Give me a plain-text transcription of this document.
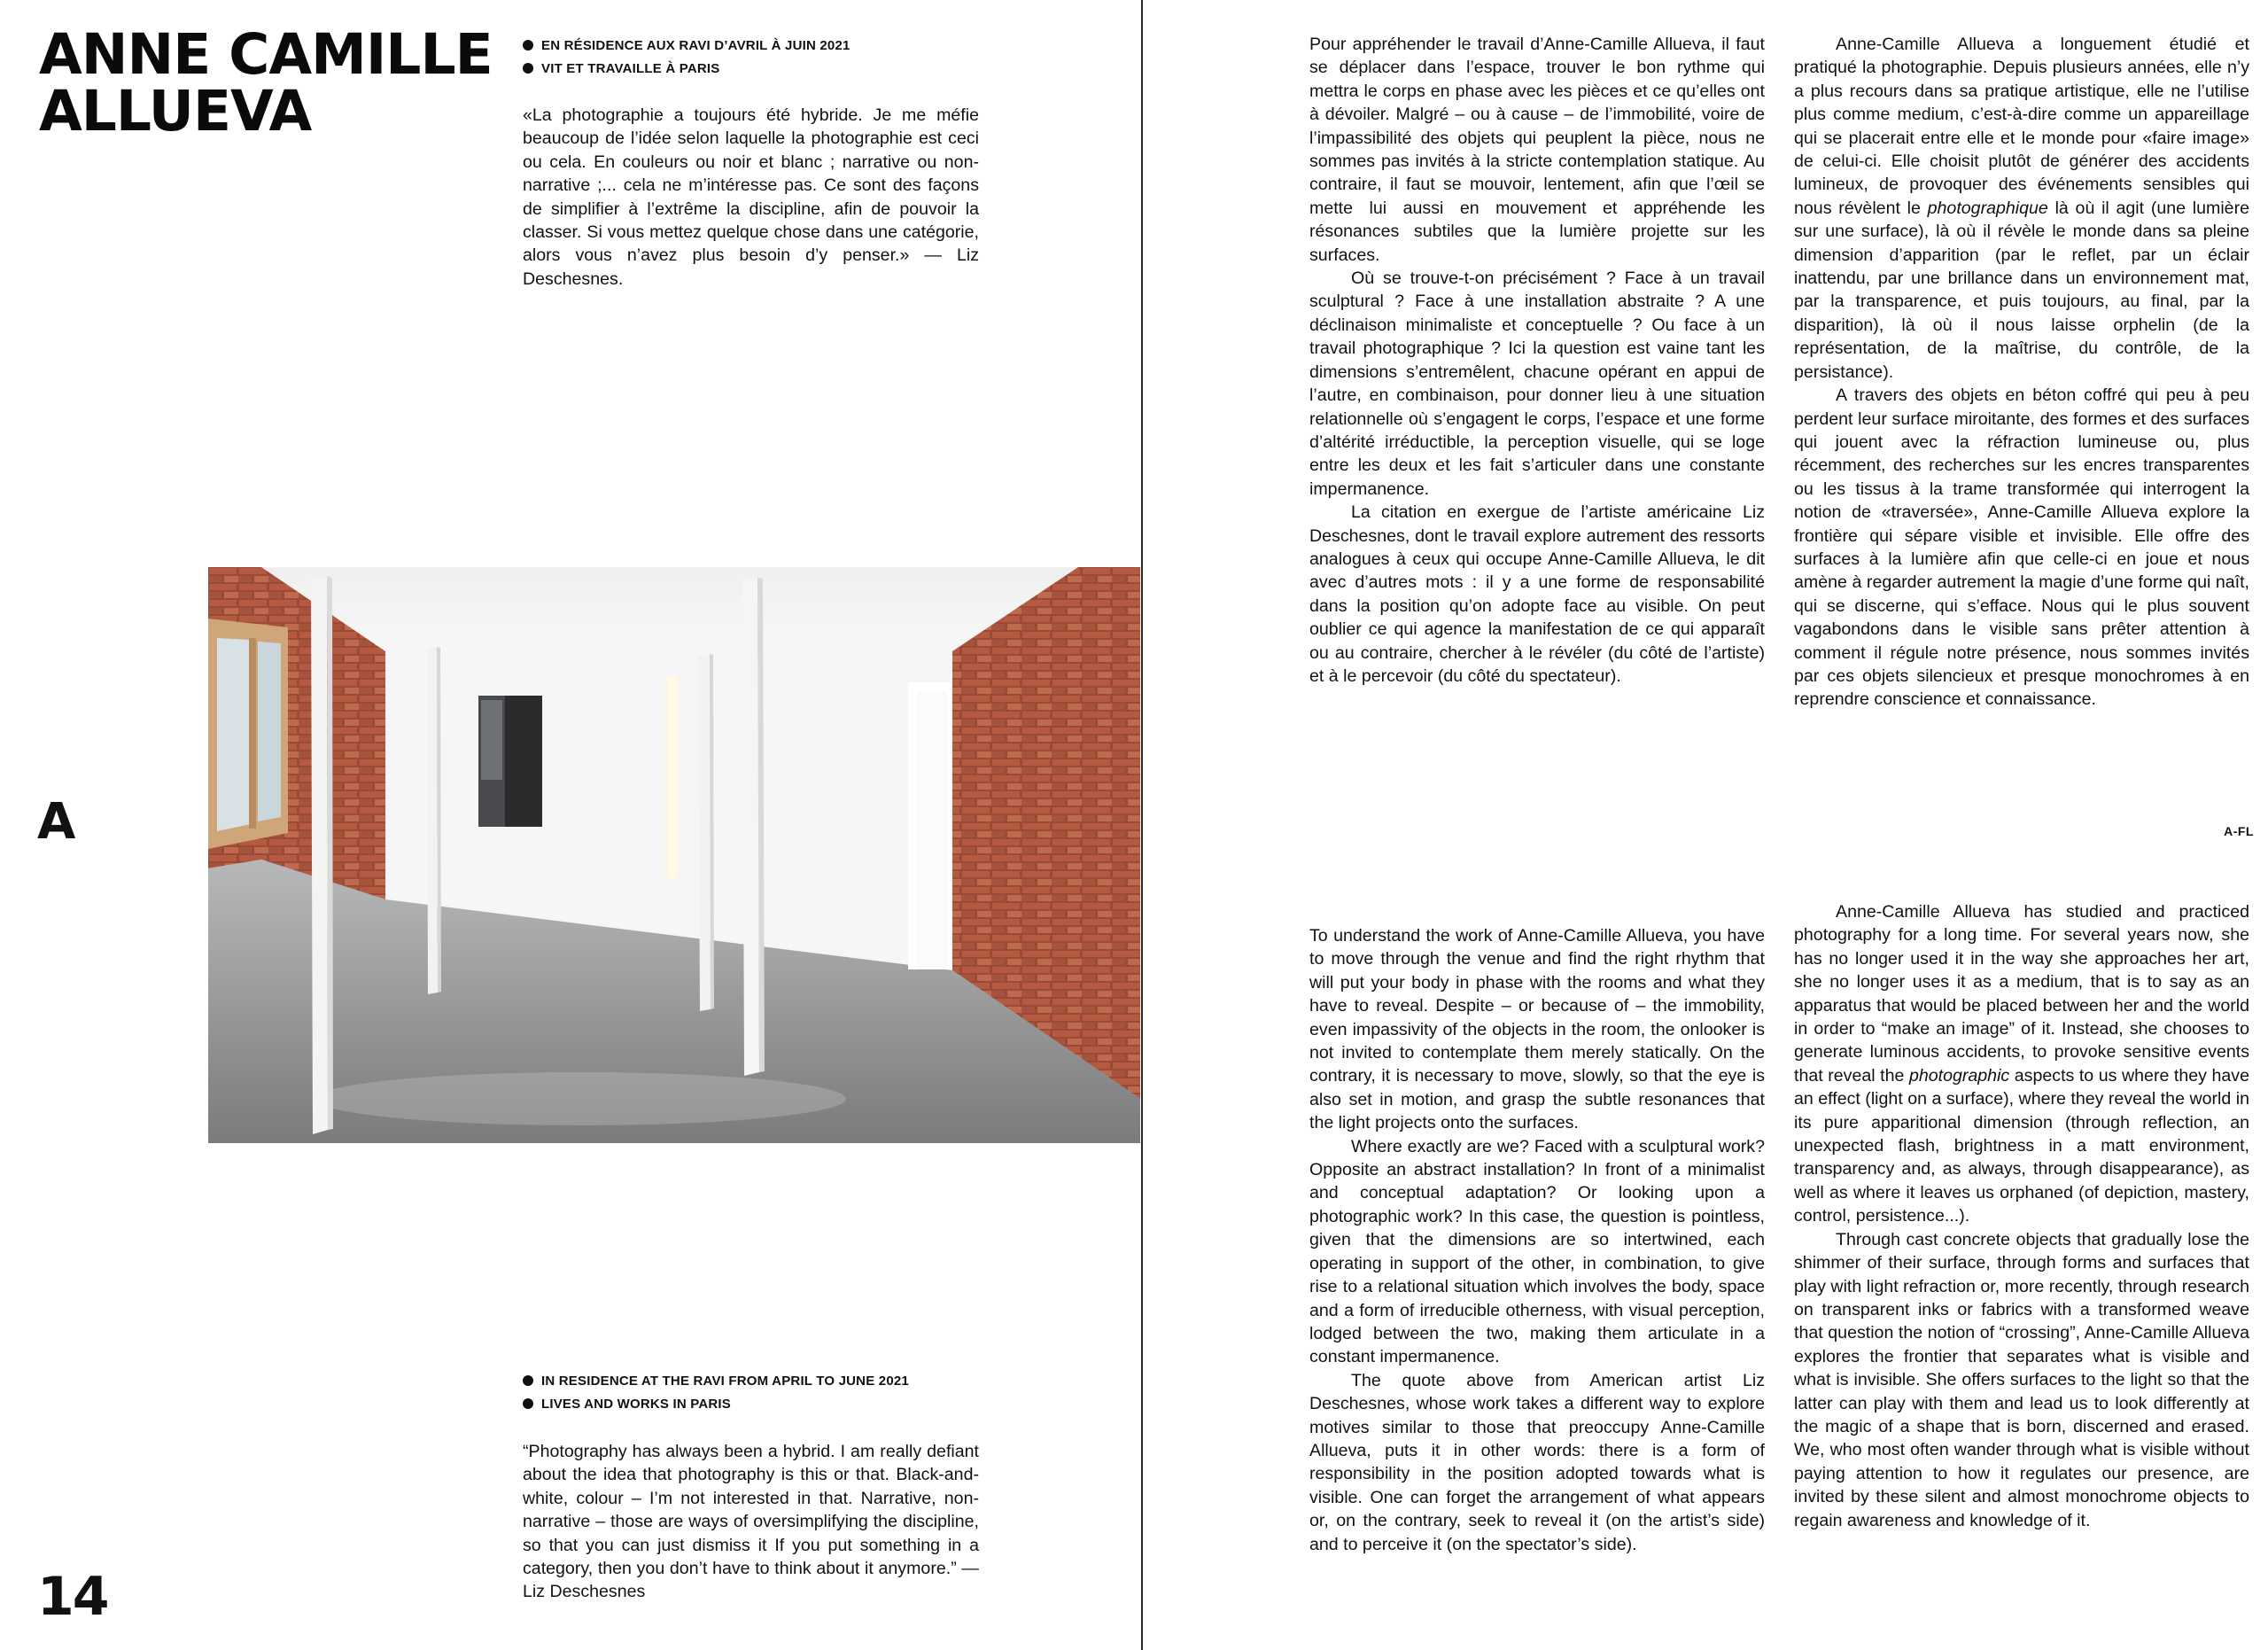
ANNE CAMILLE ALLUEVA
EN RÉSIDENCE AUX RAVI D’AVRIL À JUIN 2021
VIT ET TRAVAILLE À PARIS

«La photographie a toujours été hybride. Je me méfie beaucoup de l’idée selon laquelle la photographie est ceci ou cela. En couleurs ou noir et blanc ; narrative ou non-narrative ;... cela ne m’intéresse pas. Ce sont des façons de simplifier à l’extrême la discipline, afin de pouvoir la classer. Si vous mettez quelque chose dans une catégorie, alors vous n’avez plus besoin d’y penser.» — Liz Deschesnes.

A

IN RESIDENCE AT THE RAVI FROM APRIL TO JUNE 2021
LIVES AND WORKS IN PARIS

“Photography has always been a hybrid. I am really defiant about the idea that photography is this or that. Black-and-white, colour – I’m not interested in that. Narrative, non-narrative – those are ways of oversimplifying the discipline, so that you can just dismiss it If you put something in a category, then you don’t have to think about it anymore.” — Liz Deschesnes

14

Pour appréhender le travail d’Anne-Camille Allueva, il faut se déplacer dans l’espace, trouver le bon rythme qui mettra le corps en phase avec les pièces et ce qu’elles ont à dévoiler. Malgré – ou à cause – de l’immobilité, voire de l’impassibilité des objets qui peuplent la pièce, nous ne sommes pas invités à la stricte contemplation statique. Au contraire, il faut se mouvoir, lentement, afin que l’œil se mette lui aussi en mouvement et appréhende les résonances subtiles que la lumière projette sur les surfaces.

Où se trouve-t-on précisément ? Face à un travail sculptural ? Face à une installation abstraite ? A une déclinaison minimaliste et conceptuelle ? Ou face à un travail photographique ? Ici la question est vaine tant les dimensions s’entremêlent, chacune opérant en appui de l’autre, en combinaison, pour donner lieu à une situation relationnelle où s’engagent le corps, l’espace et une forme d’altérité irréductible, la perception visuelle, qui se loge entre les deux et les fait s’articuler dans une constante impermanence.

La citation en exergue de l’artiste américaine Liz Deschesnes, dont le travail explore autrement des ressorts analogues à ceux qui occupe Anne-Camille Allueva, le dit avec d’autres mots : il y a une forme de responsabilité dans la position qu’on adopte face au visible. On peut oublier ce qui agence la manifestation de ce qui apparaît ou au contraire, chercher à le révéler (du côté de l’artiste) et à le percevoir (du côté du spectateur).

Anne-Camille Allueva a longuement étudié et pratiqué la photographie. Depuis plusieurs années, elle n’y a plus recours dans sa pratique artistique, elle ne l’utilise plus comme medium, c’est-à-dire comme un appareillage qui se placerait entre elle et le monde pour «faire image» de celui-ci. Elle choisit plutôt de générer des accidents lumineux, de provoquer des événements sensibles qui nous révèlent le photographique là où il agit (une lumière sur une surface), là où il révèle le monde dans sa pleine dimension d’apparition (par le reflet, par un éclair inattendu, par une brillance dans un environnement mat, par la transparence, et puis toujours, au final, par la disparition), là où il nous laisse orphelin (de la représentation, de la maîtrise, du contrôle, de la persistance).

A travers des objets en béton coffré qui peu à peu perdent leur surface miroitante, des formes et des surfaces qui jouent avec la réfraction lumineuse ou, plus récemment, des recherches sur les encres transparentes ou les tissus à la trame transformée qui interrogent la notion de «traversée», Anne-Camille Allueva explore la frontière qui sépare visible et invisible. Elle offre des surfaces à la lumière afin que celle-ci en joue et nous amène à regarder autrement la magie d’une forme qui naît, qui se discerne, qui s’efface. Nous qui le plus souvent vagabondons dans le visible sans prêter attention à comment il régule notre présence, nous sommes invités par ces objets silencieux et presque monochromes à en reprendre conscience et connaissance.

A-FL

To understand the work of Anne-Camille Allueva, you have to move through the venue and find the right rhythm that will put your body in phase with the rooms and what they have to reveal. Despite – or because of – the immobility, even impassivity of the objects in the room, the onlooker is not invited to contemplate them merely statically. On the contrary, it is necessary to move, slowly, so that the eye is also set in motion, and grasp the subtle resonances that the light projects onto the surfaces.

Where exactly are we? Faced with a sculptural work? Opposite an abstract installation? In front of a minimalist and conceptual adaptation? Or looking upon a photographic work? In this case, the question is pointless, given that the dimensions are so intertwined, each operating in support of the other, in combination, to give rise to a relational situation which involves the body, space and a form of irreducible otherness, with visual perception, lodged between the two, making them articulate in a constant impermanence.

The quote above from American artist Liz Deschesnes, whose work takes a different way to explore motives similar to those that preoccupy Anne-Camille Allueva, puts it in other words: there is a form of responsibility in the position adopted towards what is visible. One can forget the arrangement of what appears or, on the contrary, seek to reveal it (on the artist’s side) and to perceive it (on the spectator’s side).

Anne-Camille Allueva has studied and practiced photography for a long time. For several years now, she has no longer used it in the way she approaches her art, she no longer uses it as a medium, that is to say as an apparatus that would be placed between her and the world in order to “make an image” of it. Instead, she chooses to generate luminous accidents, to provoke sensitive events that reveal the photographic aspects to us where they have an effect (light on a surface), where they reveal the world in its pure apparitional dimension (through reflection, an unexpected flash, brightness in a matt environment, transparency and, as always, through disappearance), as well as where it leaves us orphaned (of depiction, mastery, control, persistence...).

Through cast concrete objects that gradually lose the shimmer of their surface, through forms and surfaces that play with light refraction or, more recently, through research on transparent inks or fabrics with a transformed weave that question the notion of “crossing”, Anne-Camille Allueva explores the frontier that separates what is visible and what is invisible. She offers surfaces to the light so that the latter can play with them and lead us to look differently at the magic of a shape that is born, discerned and erased. We, who most often wander through what is visible without paying attention to how it regulates our presence, are invited by these silent and almost monochrome objects to regain awareness and knowledge of it.
